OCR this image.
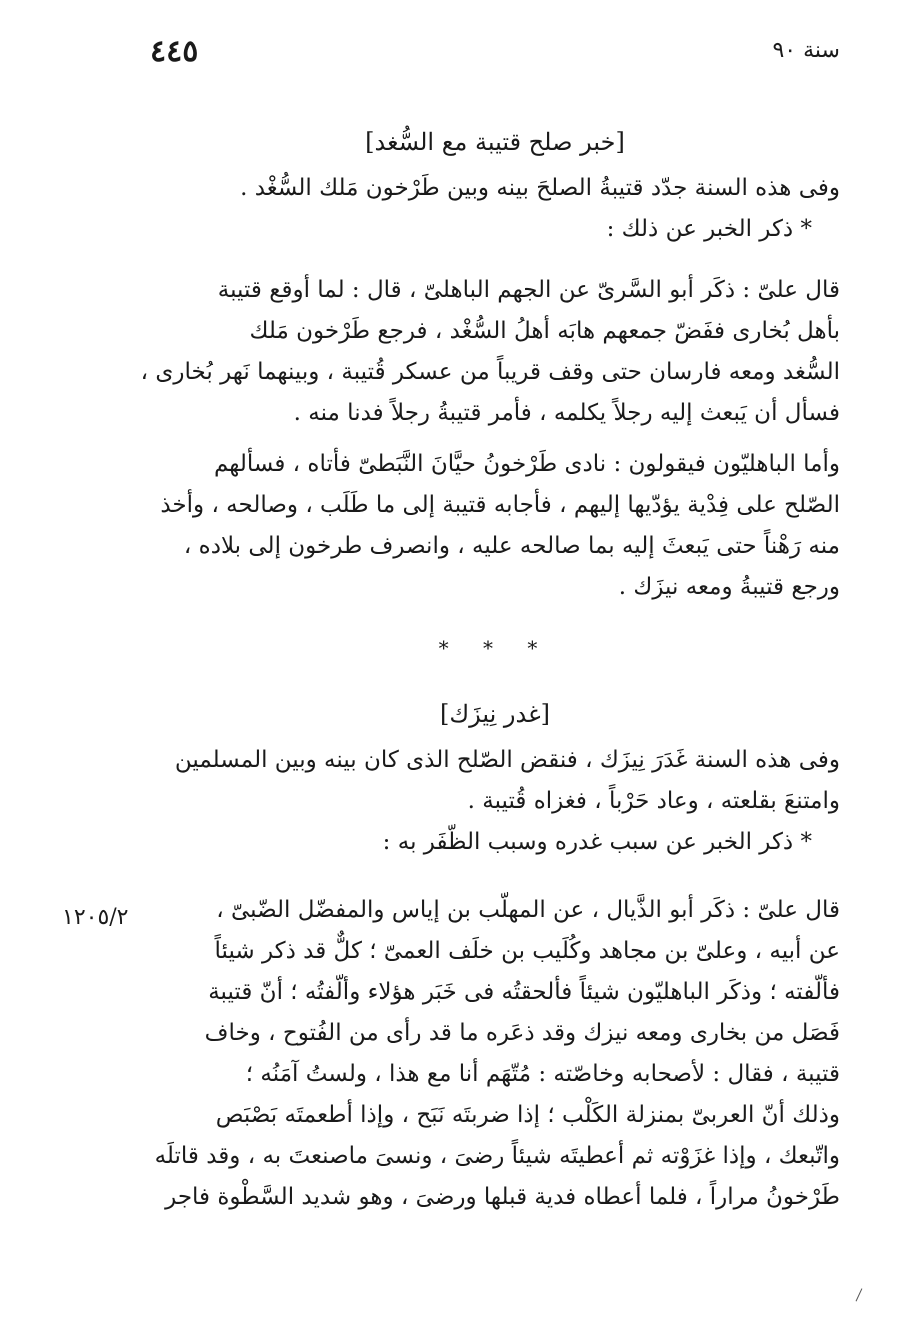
٤٤٥	سنة ٩٠
[خبر صلح قتيبة مع السُّغد]
وفى هذه السنة جدّد قتيبةُ الصلحَ بينه وبين طَرْخون مَلك السُّغْد .
* ذكر الخبر عن ذلك :
قال علىّ : ذكَر أبو السَّرىّ عن الجهم الباهلىّ ، قال : لما أوقع قتيبة
بأهل بُخارى ففَضّ جمعهم هابَه أهلُ السُّغْد ، فرجع طَرْخون مَلك
السُّغد ومعه فارسان حتى وقف قريباً من عسكر قُتيبة ، وبينهما نَهر بُخارى ،
فسأل أن يَبعث إليه رجلاً يكلمه ، فأمر قتيبةُ رجلاً فدنا منه .
وأما الباهليّون فيقولون : نادى طَرْخونُ حيَّانَ النَّبَطىّ فأتاه ، فسألهم
الصّلح على فِدْية يؤدّيها إليهم ، فأجابه قتيبة إلى ما طَلَب ، وصالحه ، وأخذ
منه رَهْناً حتى يَبعثَ إليه بما صالحه عليه ، وانصرف طرخون إلى بلاده ،
ورجع قتيبةُ ومعه نيزَك .
* * *
[غدر نِيزَك]
وفى هذه السنة غَدَرَ نِيزَك ، فنقض الصّلح الذى كان بينه وبين المسلمين
وامتنعَ بقلعته ، وعاد حَرْباً ، فغزاه قُتيبة .
* ذكر الخبر عن سبب غدره وسبب الظّفَر به :
قال علىّ : ذكَر أبو الذَّيال ، عن المهلّب بن إياس والمفضّل الضّبىّ ،
عن أبيه ، وعلىّ بن مجاهد وكُلَيب بن خلَف العمىّ ؛ كلٌّ قد ذكر شيئاً
فألّفته ؛ وذكَر الباهليّون شيئاً فألحقتُه فى خَبَر هؤلاء وألّفتُه ؛ أنّ قتيبة
فَصَل من بخارى ومعه نيزك وقد ذعَره ما قد رأى من الفُتوح ، وخاف
قتيبة ، فقال : لأصحابه وخاصّته : مُتّهَم أنا مع هذا ، ولستُ آمَنُه ؛
وذلك أنّ العربىّ بمنزلة الكَلْب ؛ إذا ضربتَه نَبَح ، وإذا أطعمتَه بَصْبَص
واتّبعك ، وإذا غزَوْته ثم أعطيتَه شيئاً رضىَ ، ونسىَ ماصنعتَ به ، وقد قاتلَه
طَرْخونُ مراراً ، فلما أعطاه فدية قبلها ورضىَ ، وهو شديد السَّطْوة فاجر
١٢٠٥/٢
